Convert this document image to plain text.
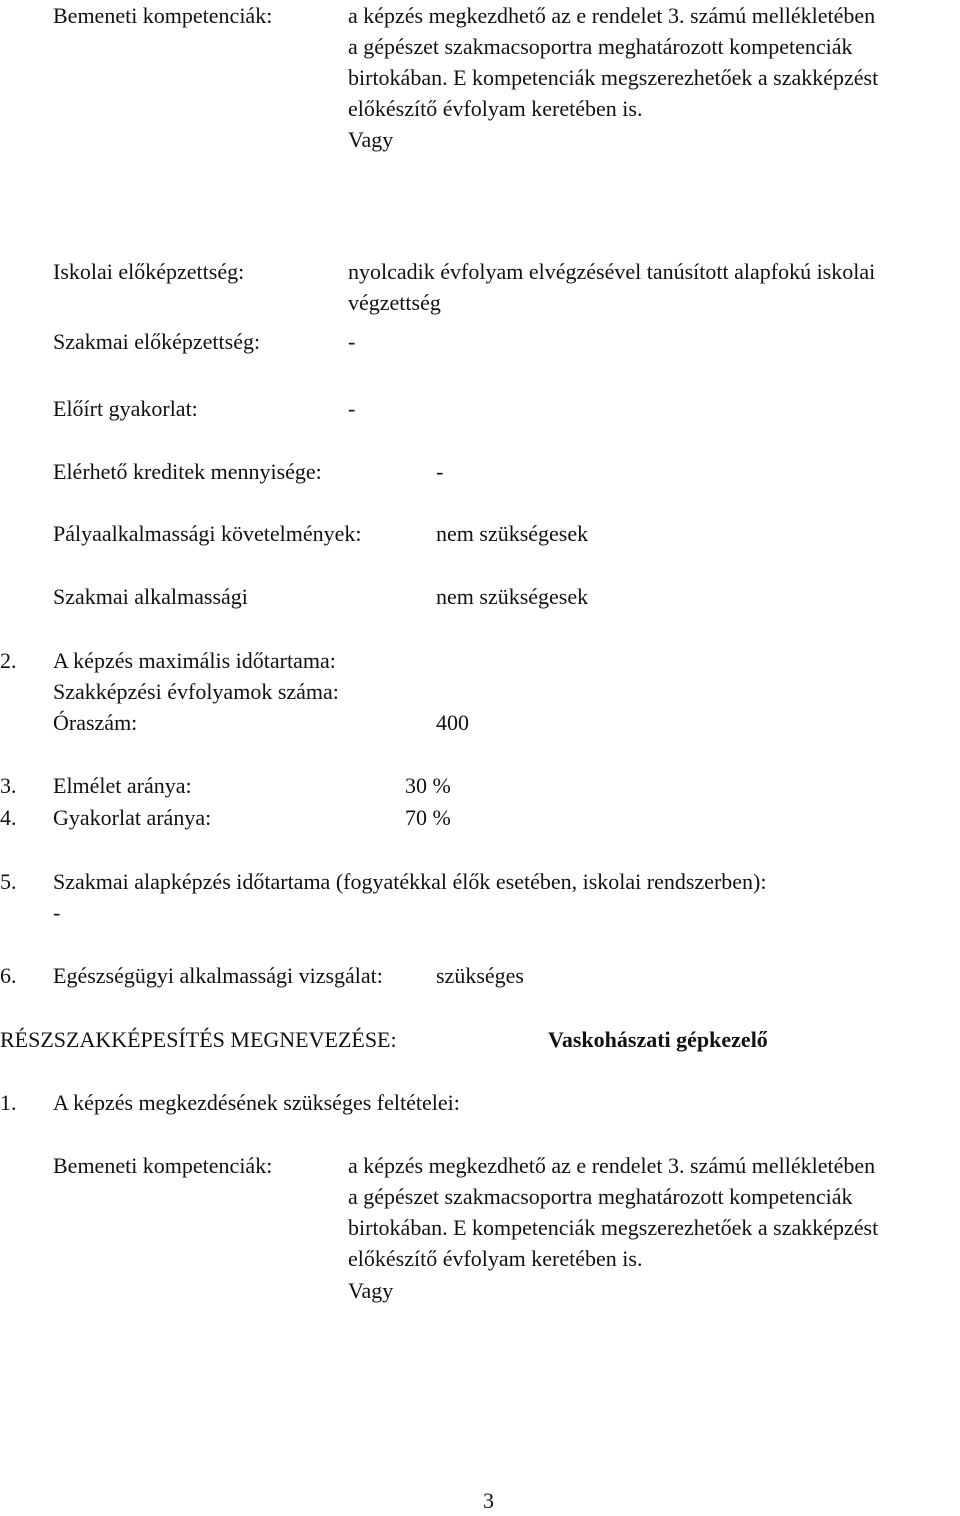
Bemeneti kompetenciák:	a képzés megkezdhető az e rendelet 3. számú mellékletében
a gépészet szakmacsoportra meghatározott kompetenciák
birtokában. E kompetenciák megszerezhetőek a szakképzést
előkészítő évfolyam keretében is.
Vagy
Iskolai előképzettség:	nyolcadik évfolyam elvégzésével tanúsított alapfokú iskolai
végzettség
Szakmai előképzettség:	-
Előírt gyakorlat:	-
Elérhető kreditek mennyisége:	-
Pályaalkalmassági követelmények:	nem szükségesek
Szakmai alkalmassági	nem szükségesek
2. A képzés maximális időtartama:
Szakképzési évfolyamok száma:
Óraszám:	400
3. Elmélet aránya:	30 %
4. Gyakorlat aránya:	70 %
5. Szakmai alapképzés időtartama (fogyatékkal élők esetében, iskolai rendszerben):
-
6. Egészségügyi alkalmassági vizsgálat: szükséges
RÉSZSZAKKÉPESÍTÉS MEGNEVEZÉSE:	Vaskohászati gépkezelő
1. A képzés megkezdésének szükséges feltételei:
Bemeneti kompetenciák:	a képzés megkezdhető az e rendelet 3. számú mellékletében
a gépészet szakmacsoportra meghatározott kompetenciák
birtokában. E kompetenciák megszerezhetőek a szakképzést
előkészítő évfolyam keretében is.
Vagy
3
